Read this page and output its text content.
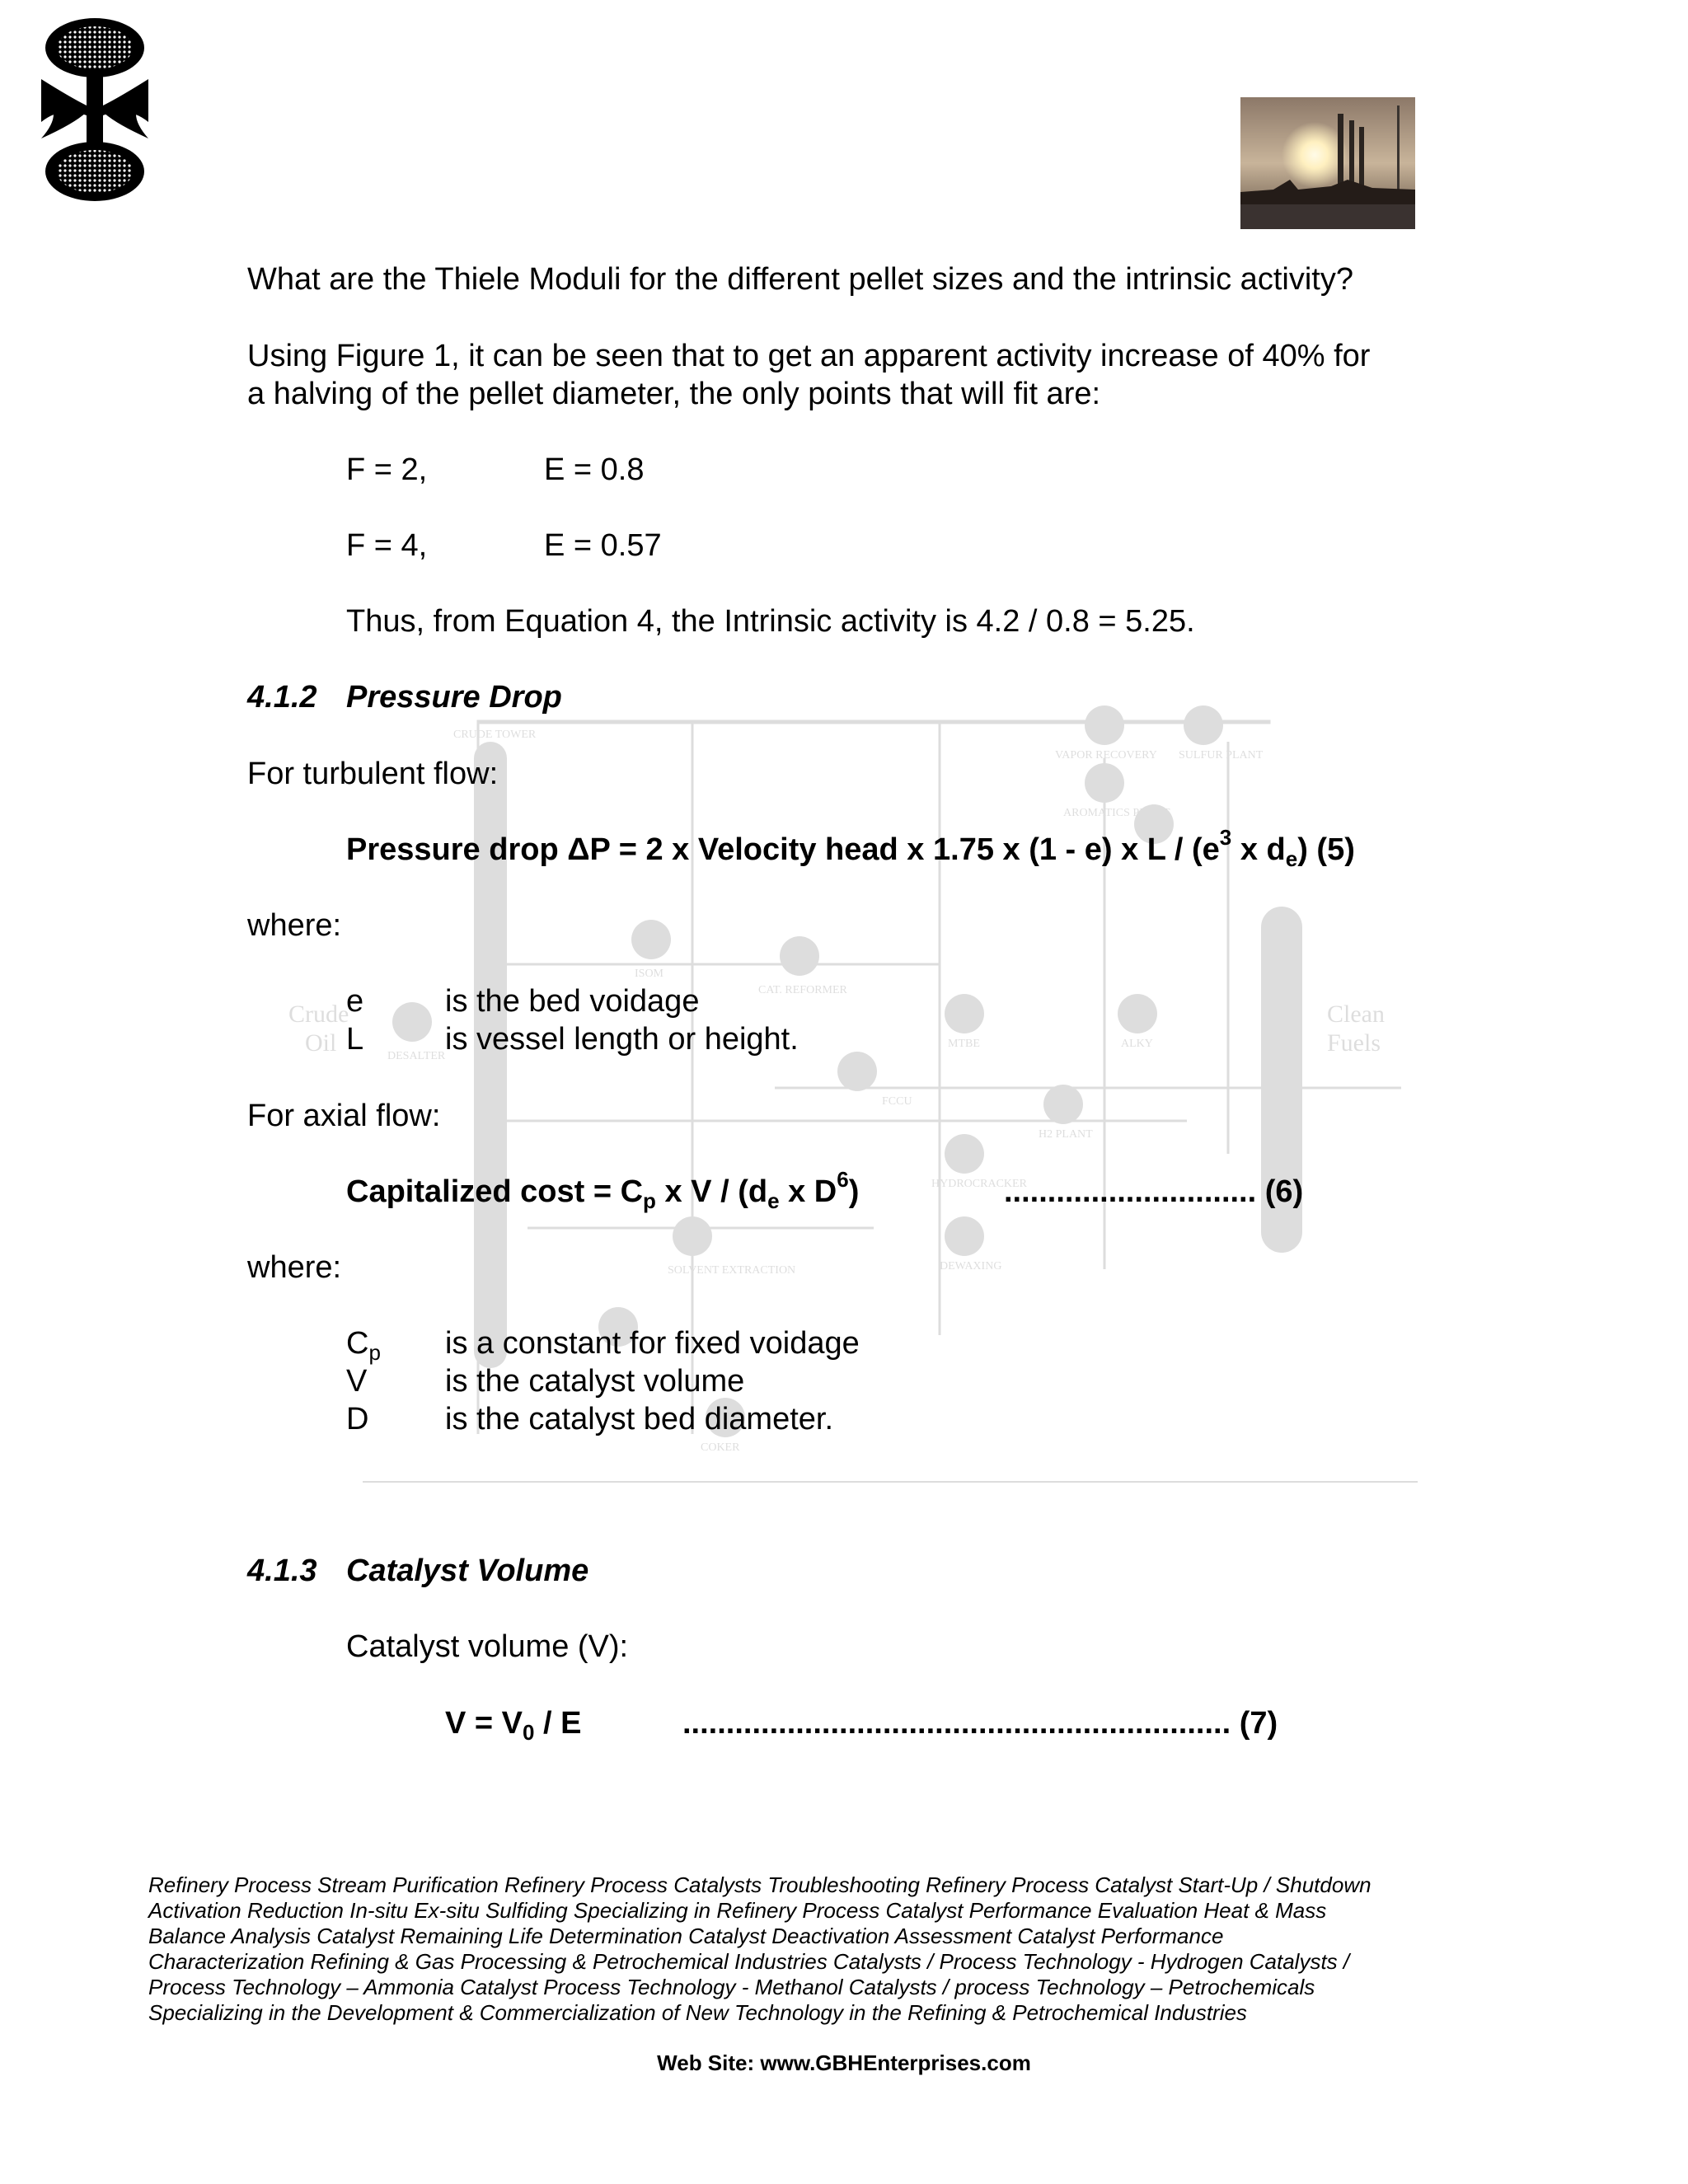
Crude
Oil
Clean
Fuels
CRUDE TOWER
DESALTER
ISOM
CAT. REFORMER
FCCU
MTBE	ALKY
HYDROCRACKER
DEWAXING
SOLVENT EXTRACTION
COKER
VAPOR RECOVERY SULFUR PLANT
AROMATICS PLANT
H2 PLANT
What are the Thiele Moduli for the different pellet sizes and the intrinsic activity?
Using Figure 1, it can be seen that to get an apparent activity increase of 40% for
a halving of the pellet diameter, the only points that will fit are:
F = 2,	E = 0.8
F = 4,	E = 0.57
Thus, from Equation 4, the Intrinsic activity is 4.2 / 0.8 = 5.25.
4.1.2 Pressure Drop
For turbulent flow:
Pressure drop ΔP = 2 x Velocity head x 1.75 x (1 - e) x L / ($e^3$ x $d_e$) (5)
where:
e	is the bed voidage
L	is vessel length or height.
For axial flow:
Capitalized $\cos t = C_p$ x V / ($d_e$ x $D^6$)	............................. (6)
where:
$C_p$ is a constant for fixed voidage
V is the catalyst volume
D is the catalyst bed diameter.
4.1.3 Catalyst Volume
Catalyst volume (V):
$V = V_0 / E$	............................................................... (7)
Refinery Process Stream Purification Refinery Process Catalysts Troubleshooting Refinery Process Catalyst Start-Up / Shutdown
Activation Reduction In-situ Ex-situ Sulfiding Specializing in Refinery Process Catalyst Performance Evaluation Heat & Mass
Balance Analysis Catalyst Remaining Life Determination Catalyst Deactivation Assessment Catalyst Performance
Characterization Refining & Gas Processing & Petrochemical Industries Catalysts / Process Technology - Hydrogen Catalysts /
Process Technology – Ammonia Catalyst Process Technology - Methanol Catalysts / process Technology – Petrochemicals
Specializing in the Development & Commercialization of New Technology in the Refining & Petrochemical Industries
Web Site: www.GBHEnterprises.com
